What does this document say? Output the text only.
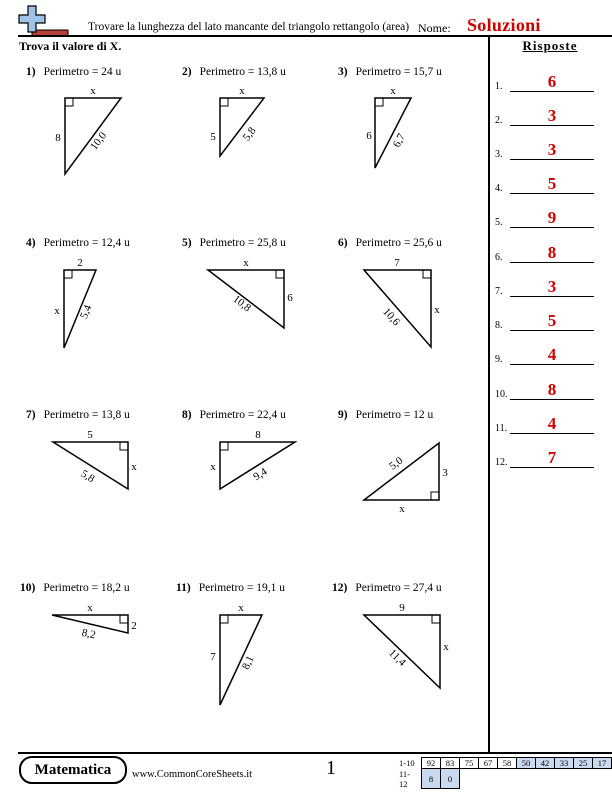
Trovare la lunghezza del lato mancante del triangolo rettangolo (area) Nome: Soluzioni
Trova il valore di X.	Risposte
1) Perimetro = 24 u	2) Perimetro = 13,8 u	3) Perimetro = 15,7 u
4) Perimetro = 12,4 u	5) Perimetro = 25,8 u	6) Perimetro = 25,6 u
7) Perimetro = 13,8 u	8) Perimetro = 22,4 u	9) Perimetro = 12 u
10) Perimetro = 18,2 u	11) Perimetro = 19,1 u	12) Perimetro = 27,4 u
x
8 10,0
x
5 5,8
x
6 6,7
2
x 5,4
x
6
10,8
7
x
10,6
5
x
5,8
8
x	9,4	3
x
5,0
x
2
8,2
x
7 8,1
9
x
11,4
1.	6
2.	3
3.	3
4.	5
5.	9
6.	8
7.	3
8.	5
9.	4
10.	8
11.	4
12.	7
Matematica	www.CommonCoreSheets.it	1	1-10	92	83	75	67	58	50	42	33	25	17
11-12	8	0								
